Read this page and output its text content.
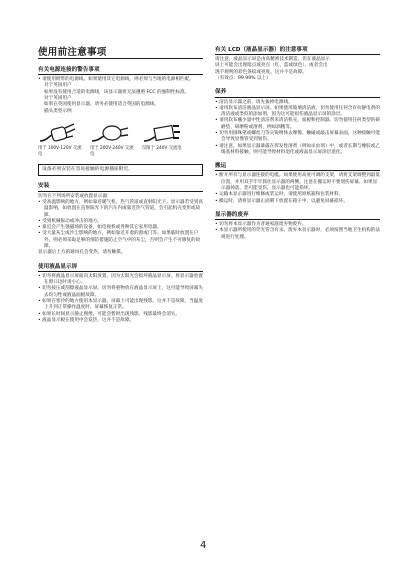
使用前注意事项
有关电源连接的警告事项
• 请使用附带的电源线。如果使用其它电源线，则必须与当地的电源相匹配。

对于英国用户

如果没有使用合适的电源线，该显示器将无法遵照 FCC 的强制性标准。

对于英国用户

如果在英国使用显示器，请务必使用适合英国的电源线。

插头类型示例

用于 100V-120V 交流电
用于 200V-240V 交流电
仅限于 240V 交流电
设备必须安装在容易接触的电源插座附近。
安装

切勿在下列场所安装或放置显示器：

• 受高温影响的地方，例如靠近暖气机、热气管道或直射阳光下。显示器若受到高温影响，如放置在直射阳光下的汽车内或靠近热气管道，会引起机壳变形或故障。
• 受到机械振动或冲击的地方。
• 靠近会产生强磁场的设备，如电视机或各种其它家用电器。
• 受大量灰尘或沙尘影响的地方，例如靠近开着的窗或门等。如果临时放置在户外，则必须采取足够的预防措施防止空气中的灰尘，否则会产生不可修复的故障。

显示器后上方的通风孔会变热，请勿触摸。

使用液晶显示屏
• 切勿将液晶显示屏面向太阳放置，因为太阳光会损坏液晶显示屏。将显示器放置在窗口边时请小心。
• 切勿按压或刮擦液晶显示屏。切勿将重物放在液晶显示屏上，这可能导致屏幕失去均匀性或液晶面板故障。
• 如果在寒冷的地方使用本显示器，屏幕上可能出现残影。这并不是故障，当温度上升到正常操作温度时，屏幕恢复正常。
• 如果长时间显示静止图像，可能会暂时出现残影。残影最终会消失。
• 液晶显示板在使用中会发热，这并不是故障。
有关 LCD（液晶显示器）的注意事项

请注意，液晶显示屏是由高精密技术制造。但在液晶显示

屏上可能会出现暗点或亮点（红、蓝或绿色），或者会出

现不规则的彩色条纹或亮度。这并不是故障。

（有效点：99.99% 以上）

保养
• 清洁显示器之前，请先拔掉电源线。
• 请用软布清洁液晶显示屏。如果使用玻璃清洁液，切勿使用任何含有抗静电剂的清洁液或类似的添加剂，因为这可能损伤液晶显示屏的涂层。
• 请用软布蘸少量中性清洁剂来清洁机壳、面板和控制器。切勿使用任何类型的研磨垫、研磨粉或溶剂，例如酒精等。
• 切勿用圆珠笔或螺丝刀等尖锐物体去摩擦、触碰或敲击屏幕表面，这种接触可能会导致显像管受到划伤。
• 请注意，如果显示器暴露在挥发性溶剂（例如杀虫剂）中，或者长期与橡胶或乙烯基材料接触，则可能导致材料退化或液晶显示屏涂层退化。
搬运
• 断开所有与显示器连接的电缆。如果使用高度可调的支架，请将支架调整到最低位置，并用双手牢牢抓住显示器的两侧。注意在搬运时不要划伤屏幕。如果显示器掉落，您可能受伤，显示器也可能损坏。
• 运输本显示器进行维修或装运时，请使用原纸箱和包装材料。
• 搬运时，请将显示器正面朝下放置在箱子中，以避免屏幕损坏。
显示器的废弃
• 切勿将本显示器作为普通家庭废弃物废弃。
• 本显示器所使用的荧光管含有汞。废弃本显示器时，必须按照当地卫生机构的法规进行处理。
4
